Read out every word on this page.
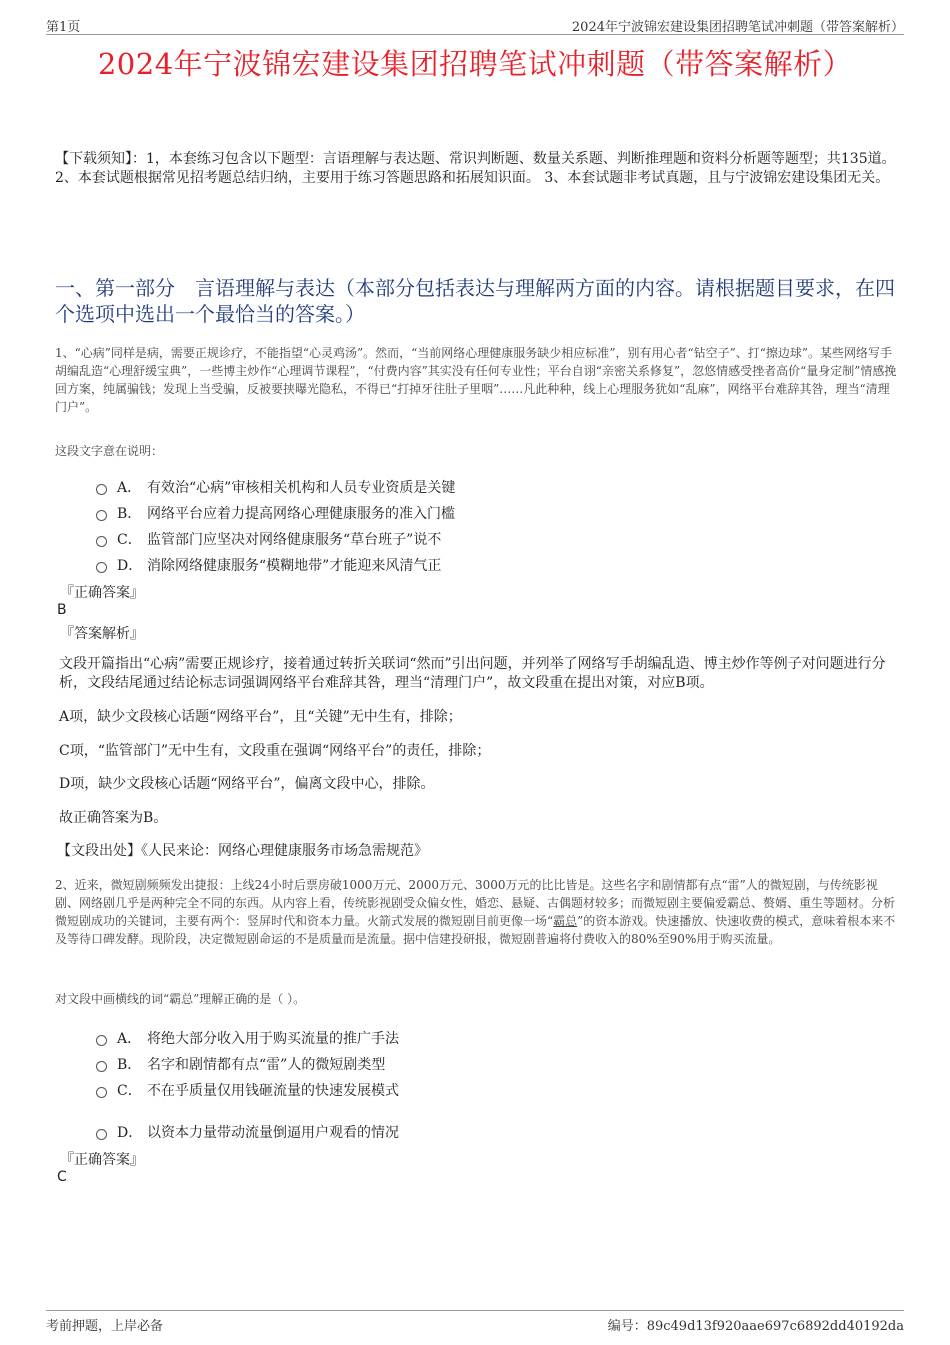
第1页	2024年宁波锦宏建设集团招聘笔试冲刺题（带答案解析）
2024年宁波锦宏建设集团招聘笔试冲刺题（带答案解析）
【下载须知】：1，本套练习包含以下题型：言语理解与表达题、常识判断题、数量关系题、判断推理题和资料分析题等题型；共135道。 2、本套试题根据常见招考题总结归纳，主要用于练习答题思路和拓展知识面。 3、本套试题非考试真题，且与宁波锦宏建设集团无关。
一、第一部分　言语理解与表达（本部分包括表达与理解两方面的内容。请根据题目要求，在四个选项中选出一个最恰当的答案。）
1、“心病”同样是病，需要正规诊疗，不能指望“心灵鸡汤”。然而，“当前网络心理健康服务缺少相应标准”，别有用心者“钻空子”、打“擦边球”。某些网络写手胡编乱造“心理舒缓宝典”，一些博主炒作“心理调节课程”，“付费内容”其实没有任何专业性；平台自诩“亲密关系修复”，忽悠情感受挫者高价“量身定制”情感挽回方案，纯属骗钱；发现上当受骗，反被要挟曝光隐私，不得已“打掉牙往肚子里咽”……凡此种种，线上心理服务犹如“乱麻”，网络平台难辞其咎，理当“清理门户”。
这段文字意在说明：
A． 有效治“心病”审核相关机构和人员专业资质是关键
B． 网络平台应着力提高网络心理健康服务的准入门槛
C． 监管部门应坚决对网络健康服务“草台班子”说不
D． 消除网络健康服务“模糊地带”才能迎来风清气正
『正确答案』
B
『答案解析』
文段开篇指出“心病”需要正规诊疗，接着通过转折关联词“然而”引出问题，并列举了网络写手胡编乱造、博主炒作等例子对问题进行分析，文段结尾通过结论标志词强调网络平台难辞其咎，理当“清理门户”，故文段重在提出对策，对应B项。
A项，缺少文段核心话题“网络平台”，且“关键”无中生有，排除；
C项，“监管部门”无中生有，文段重在强调“网络平台”的责任，排除；
D项，缺少文段核心话题“网络平台”，偏离文段中心，排除。
故正确答案为B。
【文段出处】《人民来论：网络心理健康服务市场急需规范》
2、近来，微短剧频频发出捷报：上线24小时后票房破1000万元、2000万元、3000万元的比比皆是。这些名字和剧情都有点“雷”人的微短剧，与传统影视剧、网络剧几乎是两种完全不同的东西。从内容上看，传统影视剧受众偏女性，婚恋、悬疑、古偶题材较多；而微短剧主要偏爱霸总、赘婿、重生等题材。分析微短剧成功的关键词，主要有两个：竖屏时代和资本力量。火箭式发展的微短剧目前更像一场“霸总”的资本游戏。快速播放、快速收费的模式，意味着根本来不及等待口碑发酵。现阶段，决定微短剧命运的不是质量而是流量。据中信建投研报，微短剧普遍将付费收入的80%至90%用于购买流量。
对文段中画横线的词“霸总”理解正确的是（ ）。
A． 将绝大部分收入用于购买流量的推广手法
B． 名字和剧情都有点“雷”人的微短剧类型
C． 不在乎质量仅用钱砸流量的快速发展模式
D． 以资本力量带动流量倒逼用户观看的情况
『正确答案』
C
考前押题，上岸必备	编号：89c49d13f920aae697c6892dd40192da
